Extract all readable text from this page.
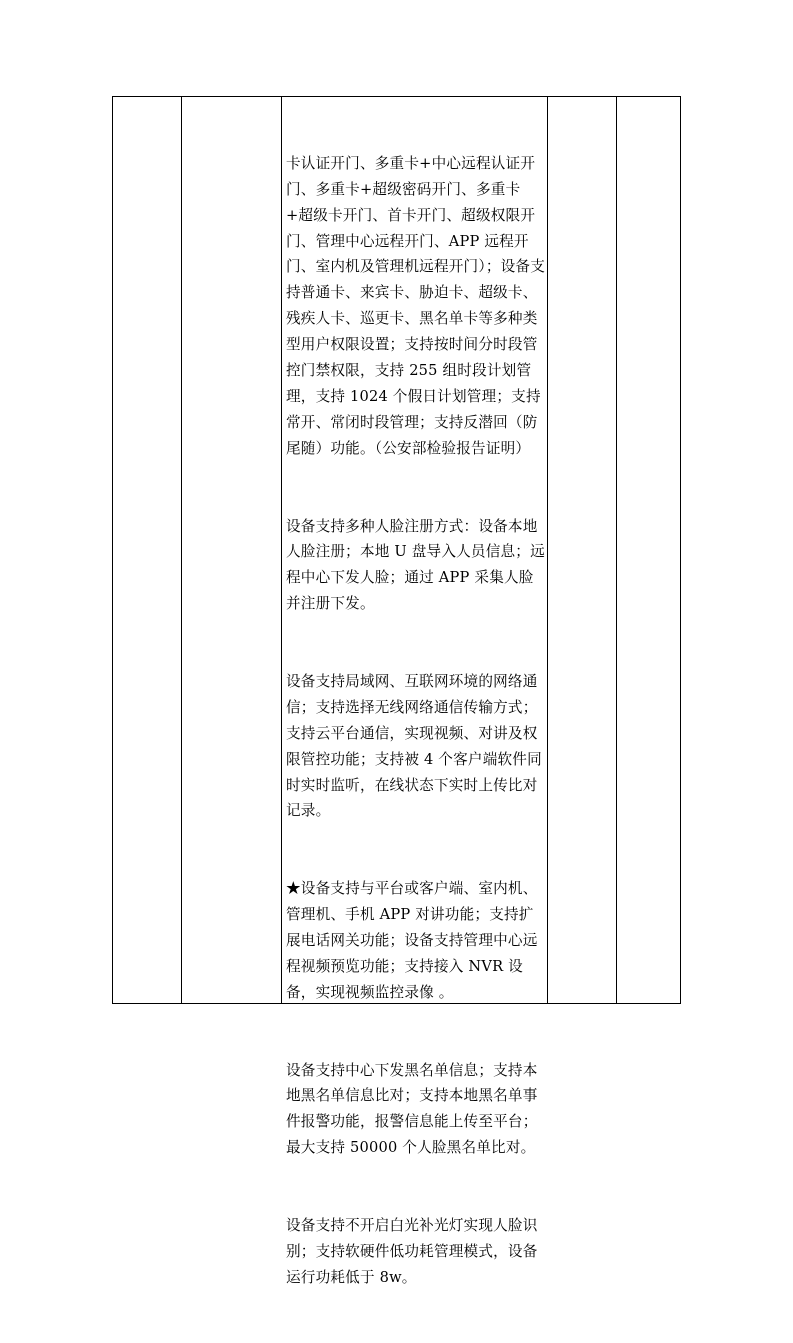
卡认证开门、多重卡+中心远程认证开门、多重卡+超级密码开门、多重卡+超级卡开门、首卡开门、超级权限开门、管理中心远程开门、APP 远程开门、室内机及管理机远程开门）；设备支持普通卡、来宾卡、胁迫卡、超级卡、残疾人卡、巡更卡、黑名单卡等多种类型用户权限设置；支持按时间分时段管控门禁权限，支持 255 组时段计划管理，支持 1024 个假日计划管理；支持常开、常闭时段管理；支持反潜回（防尾随）功能。（公安部检验报告证明）

设备支持多种人脸注册方式：设备本地人脸注册；本地 U 盘导入人员信息；远程中心下发人脸；通过 APP 采集人脸并注册下发。

设备支持局域网、互联网环境的网络通信；支持选择无线网络通信传输方式；支持云平台通信，实现视频、对讲及权限管控功能；支持被 4 个客户端软件同时实时监听，在线状态下实时上传比对记录。

★设备支持与平台或客户端、室内机、管理机、手机 APP 对讲功能；支持扩展电话网关功能；设备支持管理中心远程视频预览功能；支持接入 NVR 设备，实现视频监控录像 。

设备支持中心下发黑名单信息；支持本地黑名单信息比对；支持本地黑名单事件报警功能，报警信息能上传至平台；最大支持 50000 个人脸黑名单比对。

设备支持不开启白光补光灯实现人脸识别；支持软硬件低功耗管理模式，设备运行功耗低于 8w。
